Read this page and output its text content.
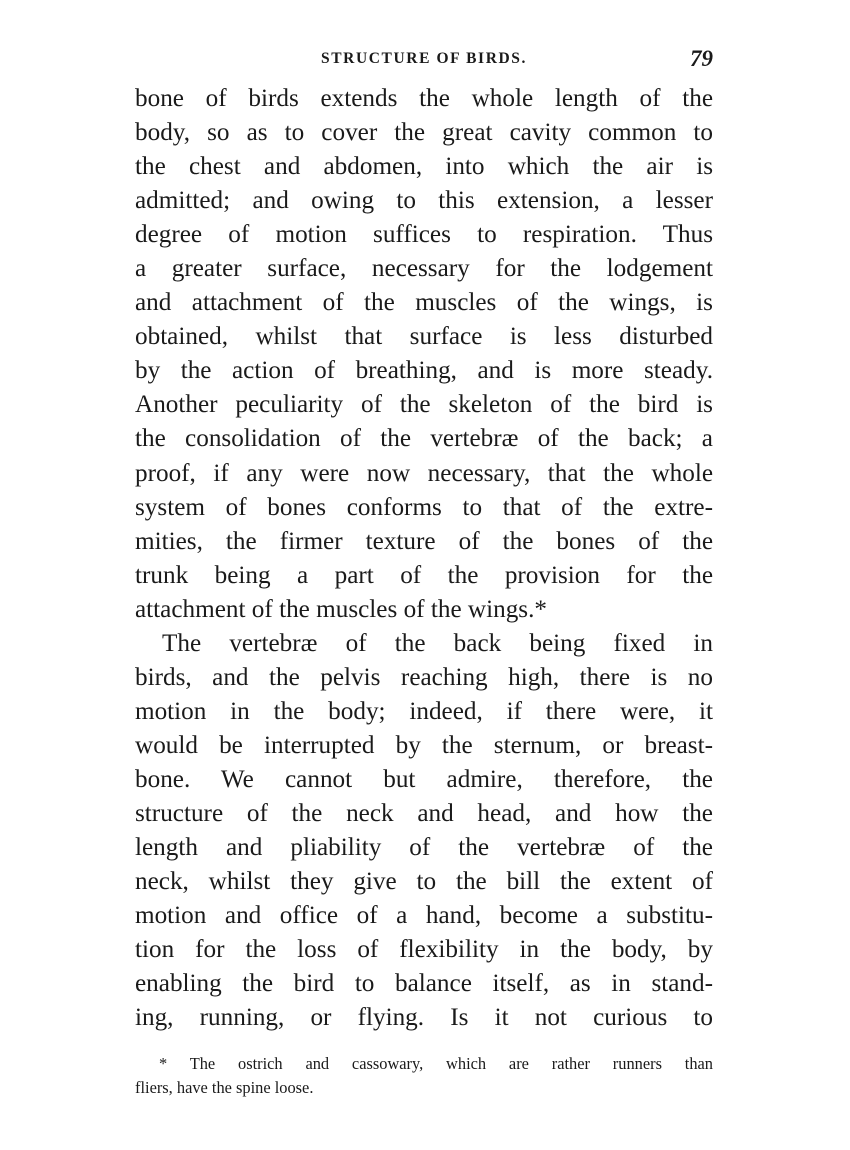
STRUCTURE OF BIRDS.	79
bone of birds extends the whole length of the
body, so as to cover the great cavity common to
the chest and abdomen, into which the air is
admitted; and owing to this extension, a lesser
degree of motion suffices to respiration. Thus
a greater surface, necessary for the lodgement
and attachment of the muscles of the wings, is
obtained, whilst that surface is less disturbed
by the action of breathing, and is more steady.
Another peculiarity of the skeleton of the bird is
the consolidation of the vertebræ of the back; a
proof, if any were now necessary, that the whole
system of bones conforms to that of the extre-
mities, the firmer texture of the bones of the
trunk being a part of the provision for the
attachment of the muscles of the wings.*
The vertebræ of the back being fixed in
birds, and the pelvis reaching high, there is no
motion in the body; indeed, if there were, it
would be interrupted by the sternum, or breast-
bone. We cannot but admire, therefore, the
structure of the neck and head, and how the
length and pliability of the vertebræ of the
neck, whilst they give to the bill the extent of
motion and office of a hand, become a substitu-
tion for the loss of flexibility in the body, by
enabling the bird to balance itself, as in stand-
ing, running, or flying. Is it not curious to
* The ostrich and cassowary, which are rather runners than
fliers, have the spine loose.
